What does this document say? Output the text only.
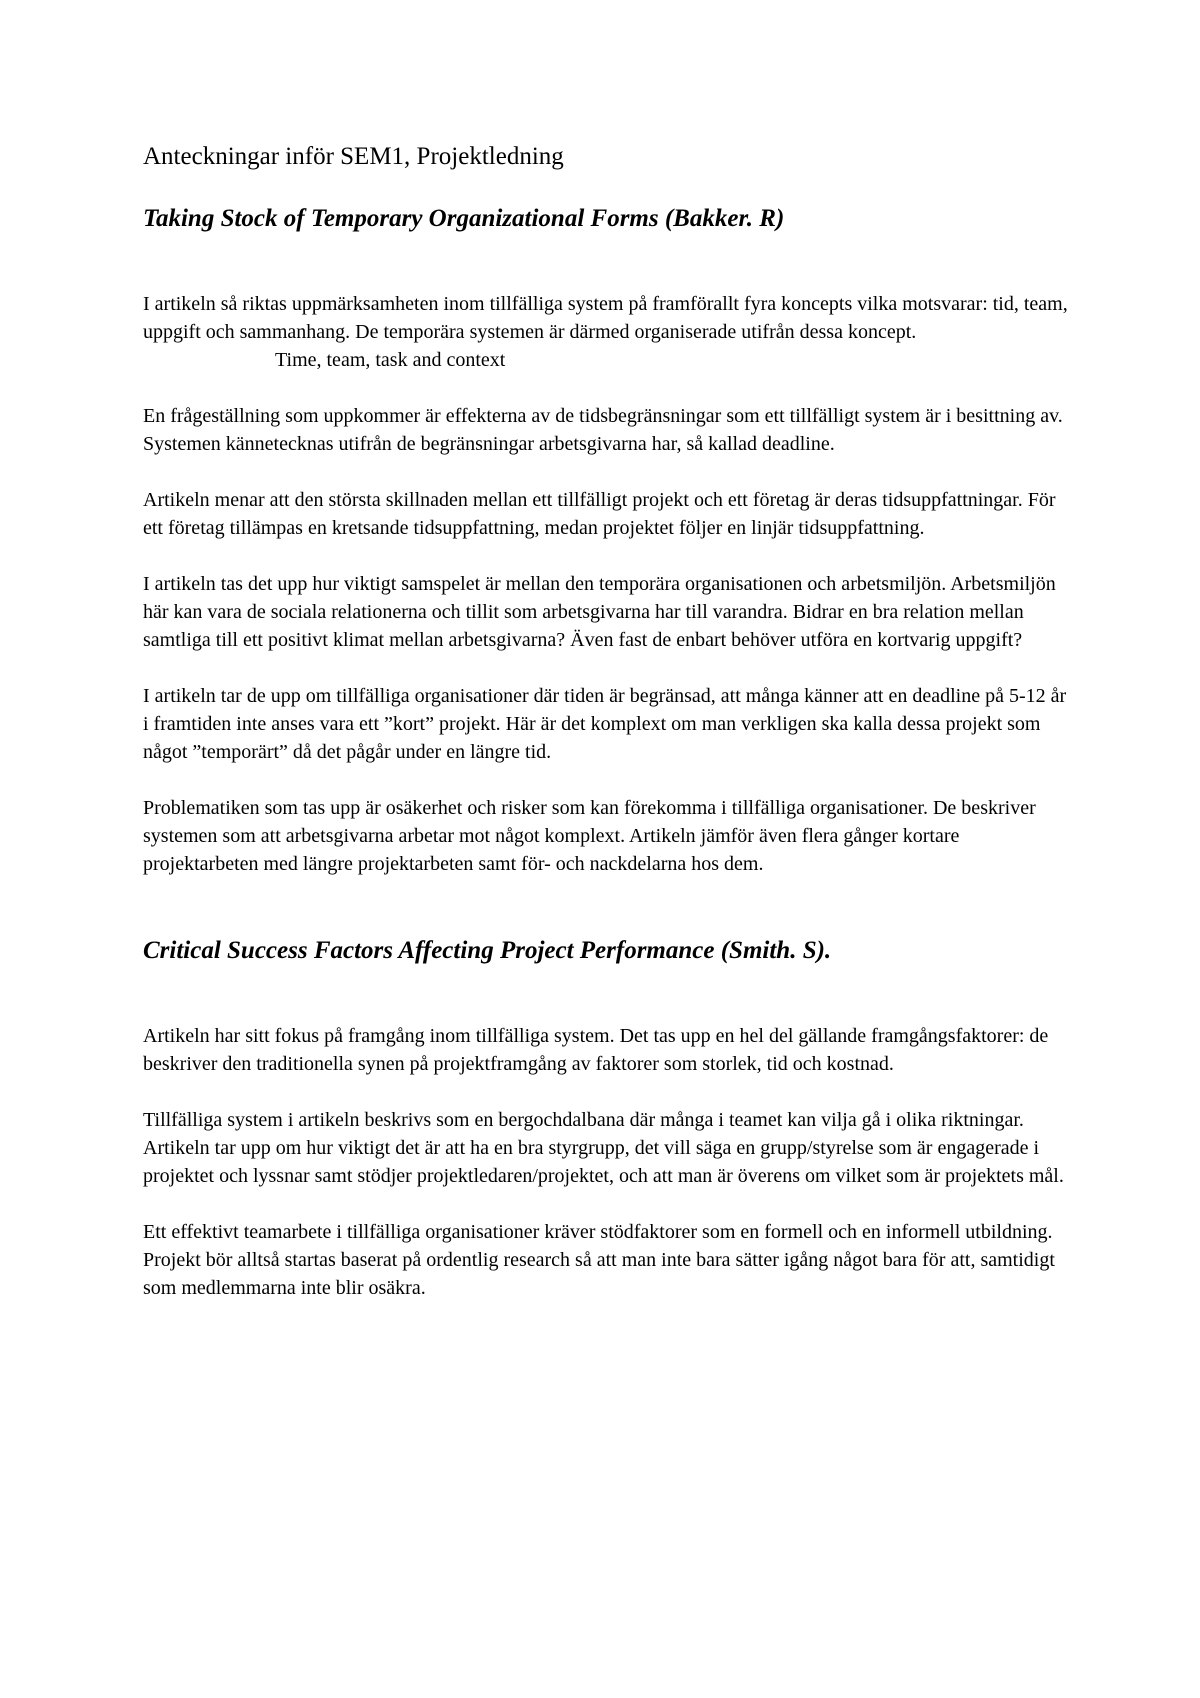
Anteckningar inför SEM1, Projektledning
Taking Stock of Temporary Organizational Forms (Bakker. R)

I artikeln så riktas uppmärksamheten inom tillfälliga system på framförallt fyra koncepts vilka motsvarar: tid, team, uppgift och sammanhang. De temporära systemen är därmed organiserade utifrån dessa koncept.
Time, team, task and context

En frågeställning som uppkommer är effekterna av de tidsbegränsningar som ett tillfälligt system är i besittning av. Systemen kännetecknas utifrån de begränsningar arbetsgivarna har, så kallad deadline.

Artikeln menar att den största skillnaden mellan ett tillfälligt projekt och ett företag är deras tidsuppfattningar. För ett företag tillämpas en kretsande tidsuppfattning, medan projektet följer en linjär tidsuppfattning.

I artikeln tas det upp hur viktigt samspelet är mellan den temporära organisationen och arbetsmiljön. Arbetsmiljön här kan vara de sociala relationerna och tillit som arbetsgivarna har till varandra. Bidrar en bra relation mellan samtliga till ett positivt klimat mellan arbetsgivarna? Även fast de enbart behöver utföra en kortvarig uppgift?

I artikeln tar de upp om tillfälliga organisationer där tiden är begränsad, att många känner att en deadline på 5-12 år i framtiden inte anses vara ett ”kort” projekt. Här är det komplext om man verkligen ska kalla dessa projekt som något ”temporärt” då det pågår under en längre tid.

Problematiken som tas upp är osäkerhet och risker som kan förekomma i tillfälliga organisationer. De beskriver systemen som att arbetsgivarna arbetar mot något komplext. Artikeln jämför även flera gånger kortare projektarbeten med längre projektarbeten samt för- och nackdelarna hos dem.

Critical Success Factors Affecting Project Performance (Smith. S).

Artikeln har sitt fokus på framgång inom tillfälliga system. Det tas upp en hel del gällande framgångsfaktorer: de beskriver den traditionella synen på projektframgång av faktorer som storlek, tid och kostnad.

Tillfälliga system i artikeln beskrivs som en bergochdalbana där många i teamet kan vilja gå i olika riktningar. Artikeln tar upp om hur viktigt det är att ha en bra styrgrupp, det vill säga en grupp/styrelse som är engagerade i projektet och lyssnar samt stödjer projektledaren/projektet, och att man är överens om vilket som är projektets mål.

Ett effektivt teamarbete i tillfälliga organisationer kräver stödfaktorer som en formell och en informell utbildning. Projekt bör alltså startas baserat på ordentlig research så att man inte bara sätter igång något bara för att, samtidigt som medlemmarna inte blir osäkra.
